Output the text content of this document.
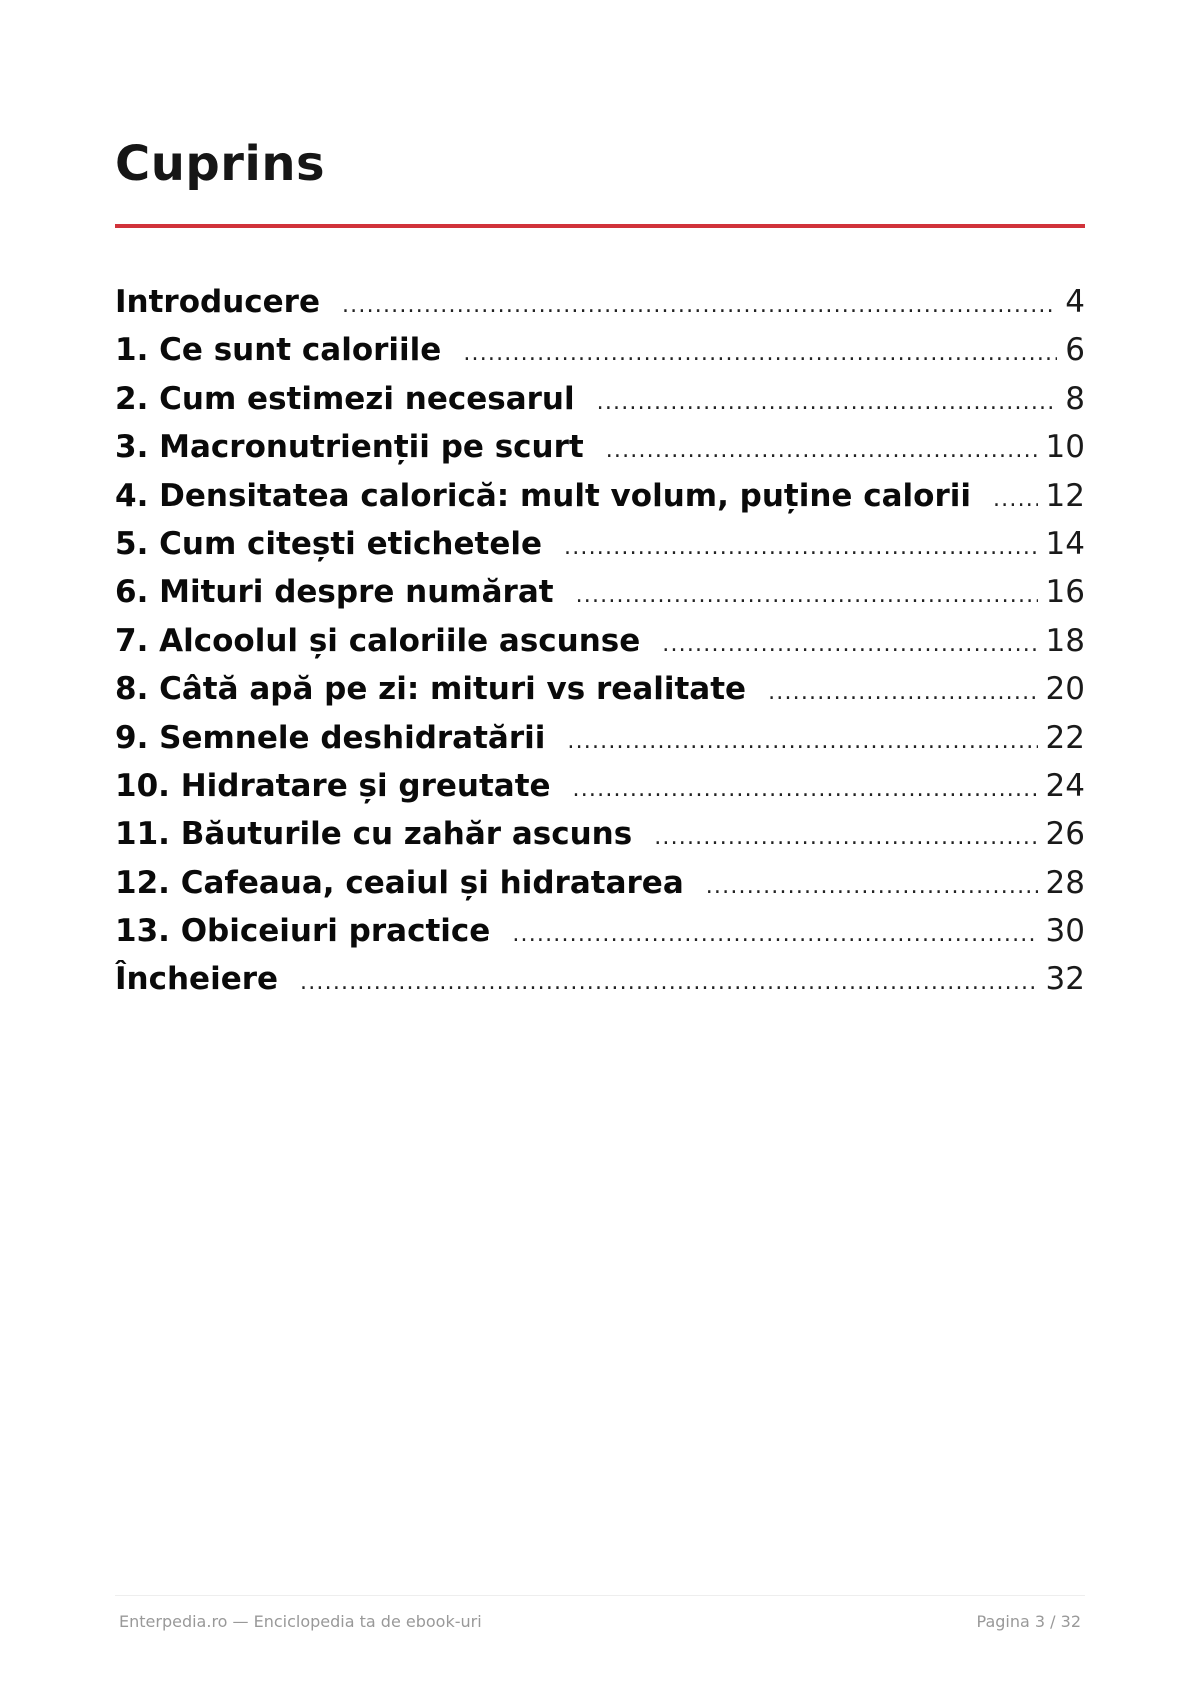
Cuprins
Introducere .....	4
1. Ce sunt caloriile .....	6
2. Cum estimezi necesarul .....	8
3. Macronutrienții pe scurt .....	10
4. Densitatea calorică: mult volum, puține calorii ..... 12
5. Cum citești etichetele .....	14
6. Mituri despre numărat .....	16
7. Alcoolul și caloriile ascunse .....	18
8. Câtă apă pe zi: mituri vs realitate .....	20
9. Semnele deshidratării .....	22
10. Hidratare și greutate .....	24
11. Băuturile cu zahăr ascuns .....	26
12. Cafeaua, ceaiul și hidratarea .....	28
13. Obiceiuri practice .....	30
Încheiere .....	32
Enterpedia.ro — Enciclopedia ta de ebook-uri	Pagina 3 / 32
